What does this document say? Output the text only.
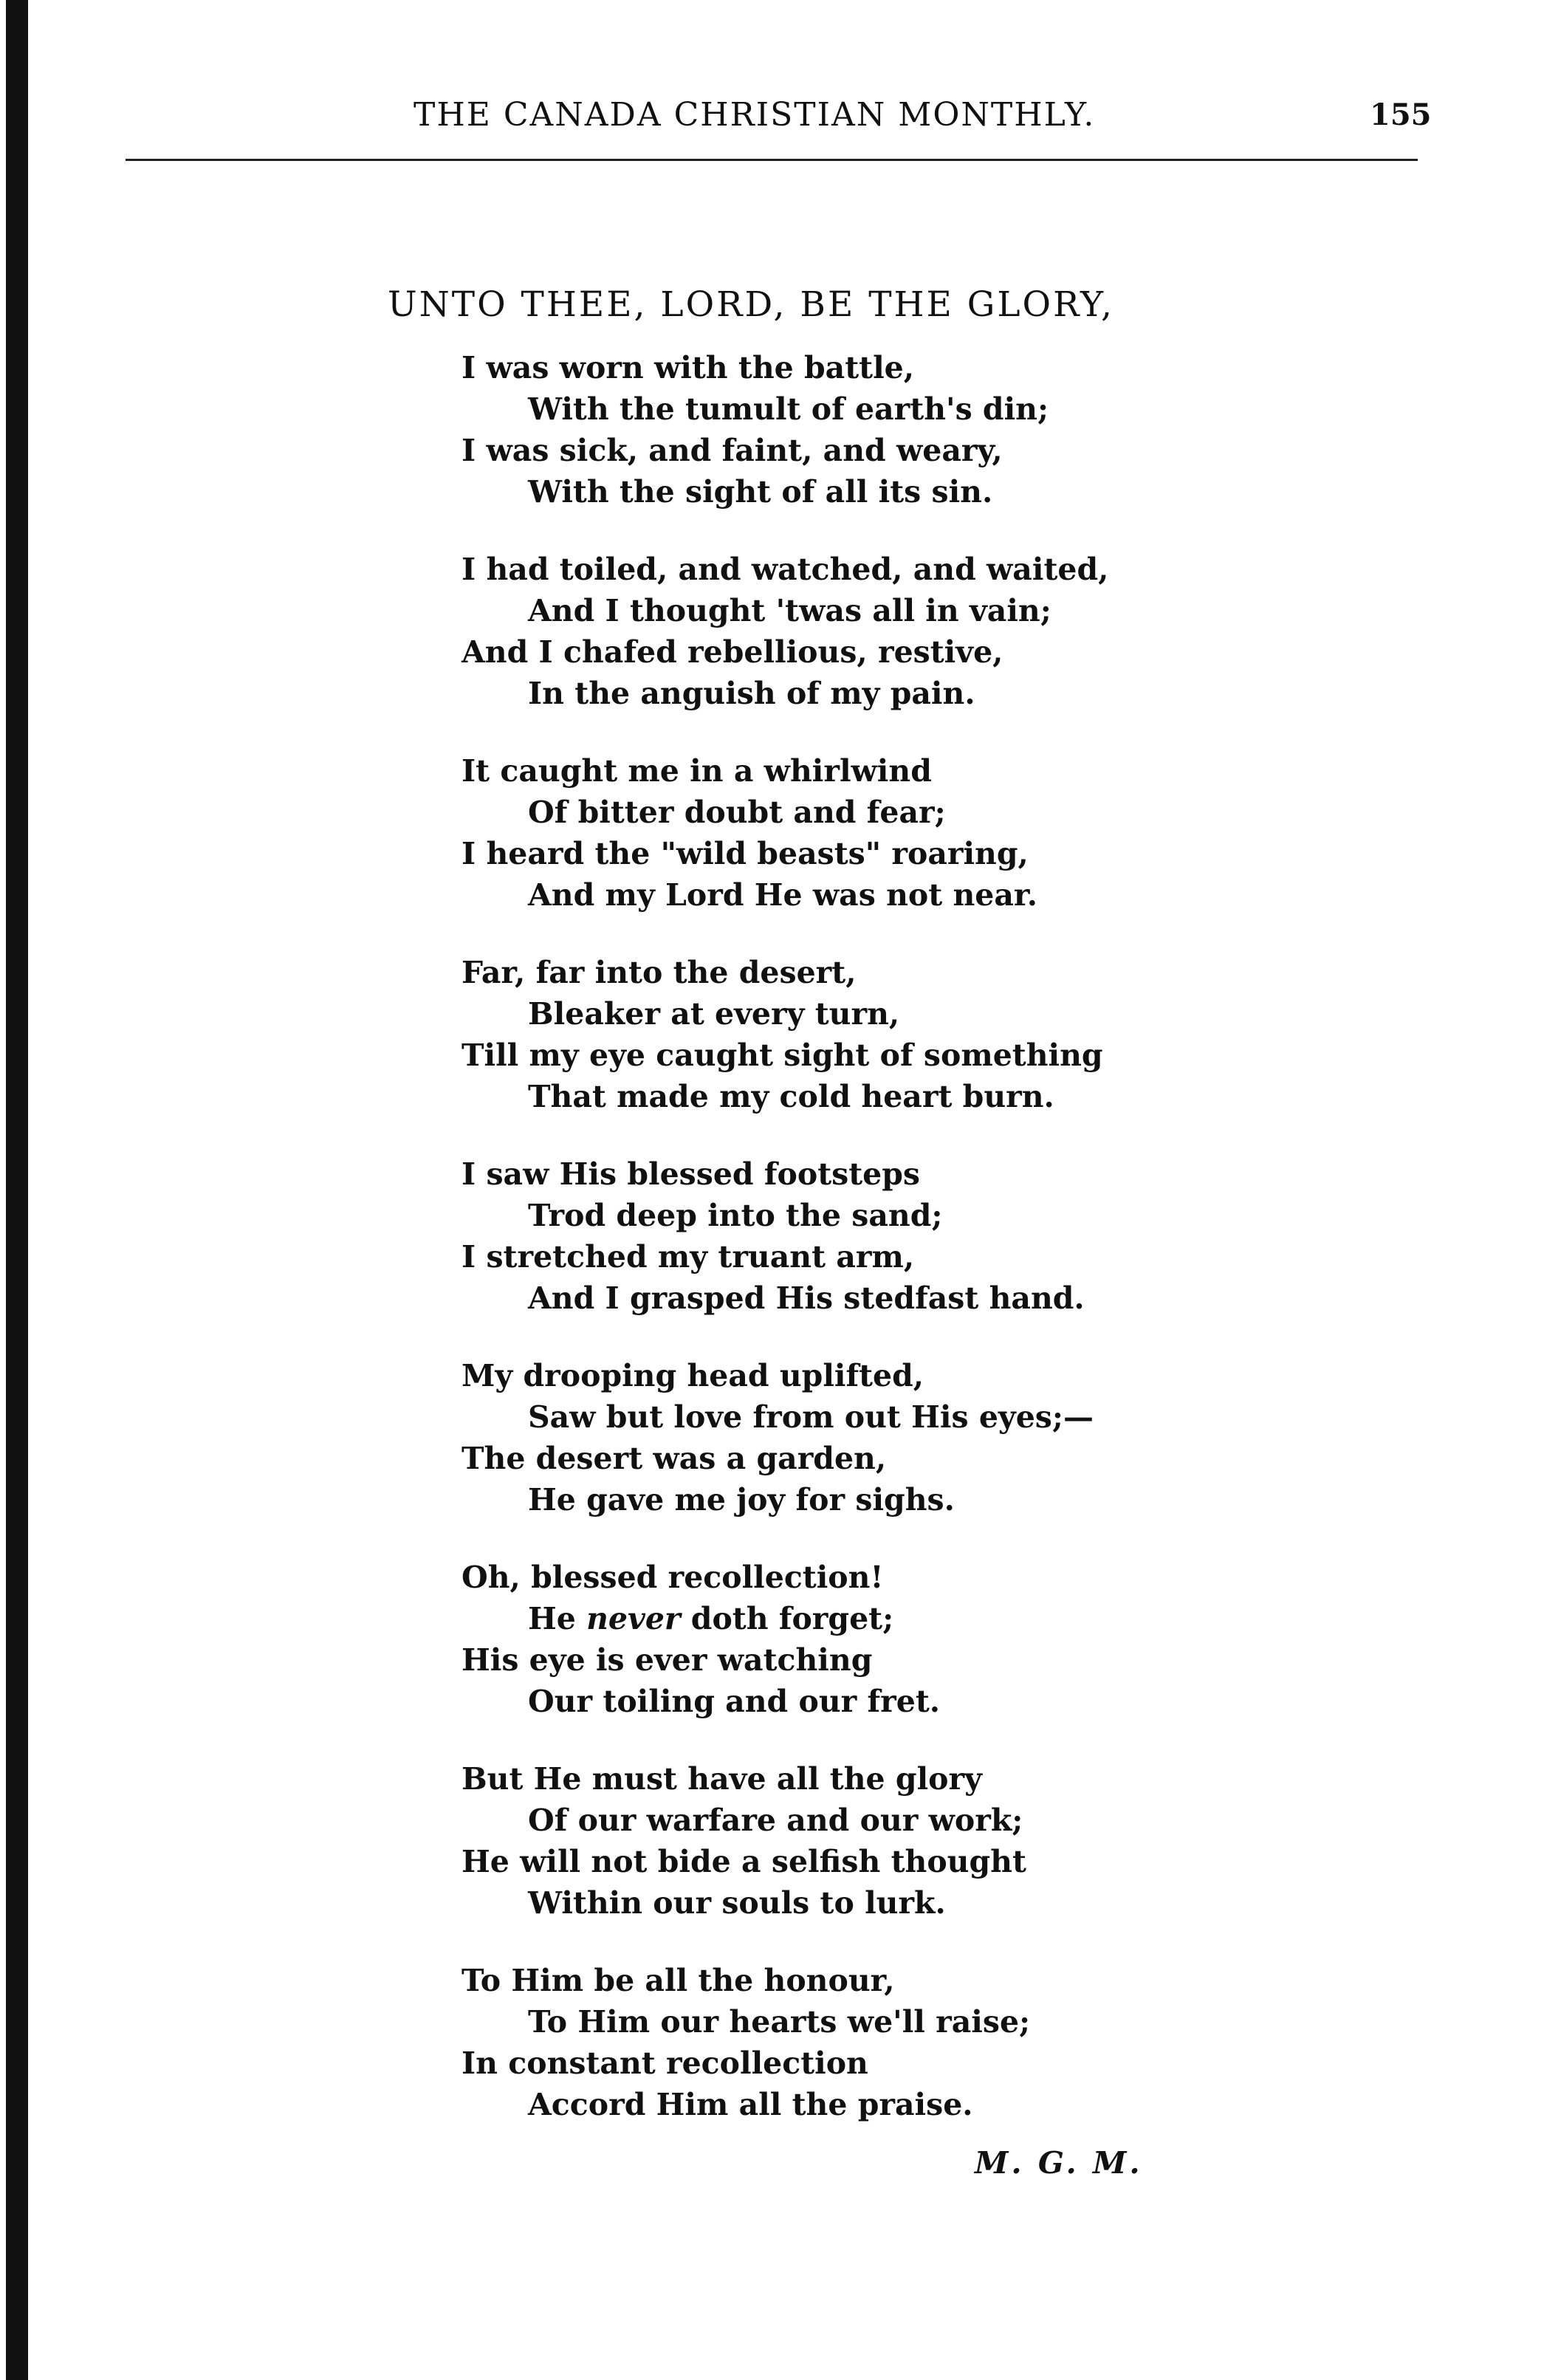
THE CANADA CHRISTIAN MONTHLY.	155
UNTO THEE, LORD, BE THE GLORY,
I was worn with the battle,
With the tumult of earth's din;
I was sick, and faint, and weary,
With the sight of all its sin.
I had toiled, and watched, and waited,
And I thought 'twas all in vain;
And I chafed rebellious, restive,
In the anguish of my pain.
It caught me in a whirlwind
Of bitter doubt and fear;
I heard the "wild beasts" roaring,
And my Lord He was not near.
Far, far into the desert,
Bleaker at every turn,
Till my eye caught sight of something
That made my cold heart burn.
I saw His blessed footsteps
Trod deep into the sand;
I stretched my truant arm,
And I grasped His stedfast hand.
My drooping head uplifted,
Saw but love from out His eyes;—
The desert was a garden,
He gave me joy for sighs.
Oh, blessed recollection!
He never doth forget;
His eye is ever watching
Our toiling and our fret.
But He must have all the glory
Of our warfare and our work;
He will not bide a selfish thought
Within our souls to lurk.
To Him be all the honour,
To Him our hearts we'll raise;
In constant recollection
Accord Him all the praise.
M. G. M.
